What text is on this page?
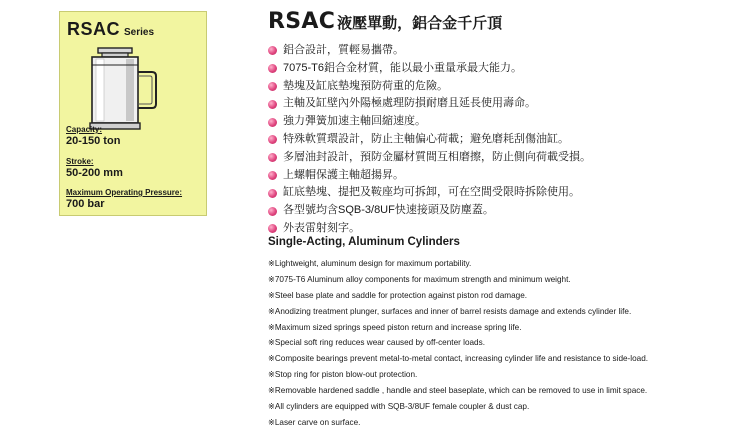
RSAC Series
Capacity:
20-150 ton
Stroke:
50-200 mm
Maximum Operating Pressure:
700 bar
RSAC 液壓單動，鋁合金千斤頂
鋁合設計，質輕易攜帶。
7075-T6鋁合金材質，能以最小重量承最大能力。
墊塊及缸底墊塊預防荷重的危險。
主軸及缸壁內外陽極處理防損耐磨且延長使用壽命。
強力彈簧加速主軸回縮速度。
特殊軟質環設計，防止主軸偏心荷載；避免磨耗刮傷油缸。
多層油封設計，預防金屬材質間互相磨擦，防止側向荷載受損。
上螺帽保護主軸超揚昇。
缸底墊塊、提把及鞍座均可拆卸，可在空間受限時拆除使用。
各型號均含SQB-3/8UF快速接頭及防塵蓋。
外表雷射刻字。
Single-Acting, Aluminum Cylinders
※Lightweight, aluminum design for maximum portability.
※7075-T6 Aluminum alloy components for maximum strength and minimum weight.
※Steel base plate and saddle for protection against piston rod damage.
※Anodizing treatment plunger, surfaces and inner of barrel resists damage and extends cylinder life.
※Maximum sized springs speed piston return and increase spring life.
※Special soft ring reduces wear caused by off-center loads.
※Composite bearings prevent metal-to-metal contact, increasing cylinder life and resistance to side-load.
※Stop ring for piston blow-out protection.
※Removable hardened saddle , handle and steel baseplate, which can be removed to use in limit space.
※All cylinders are equipped with SQB-3/8UF female coupler & dust cap.
※Laser carve on surface.
